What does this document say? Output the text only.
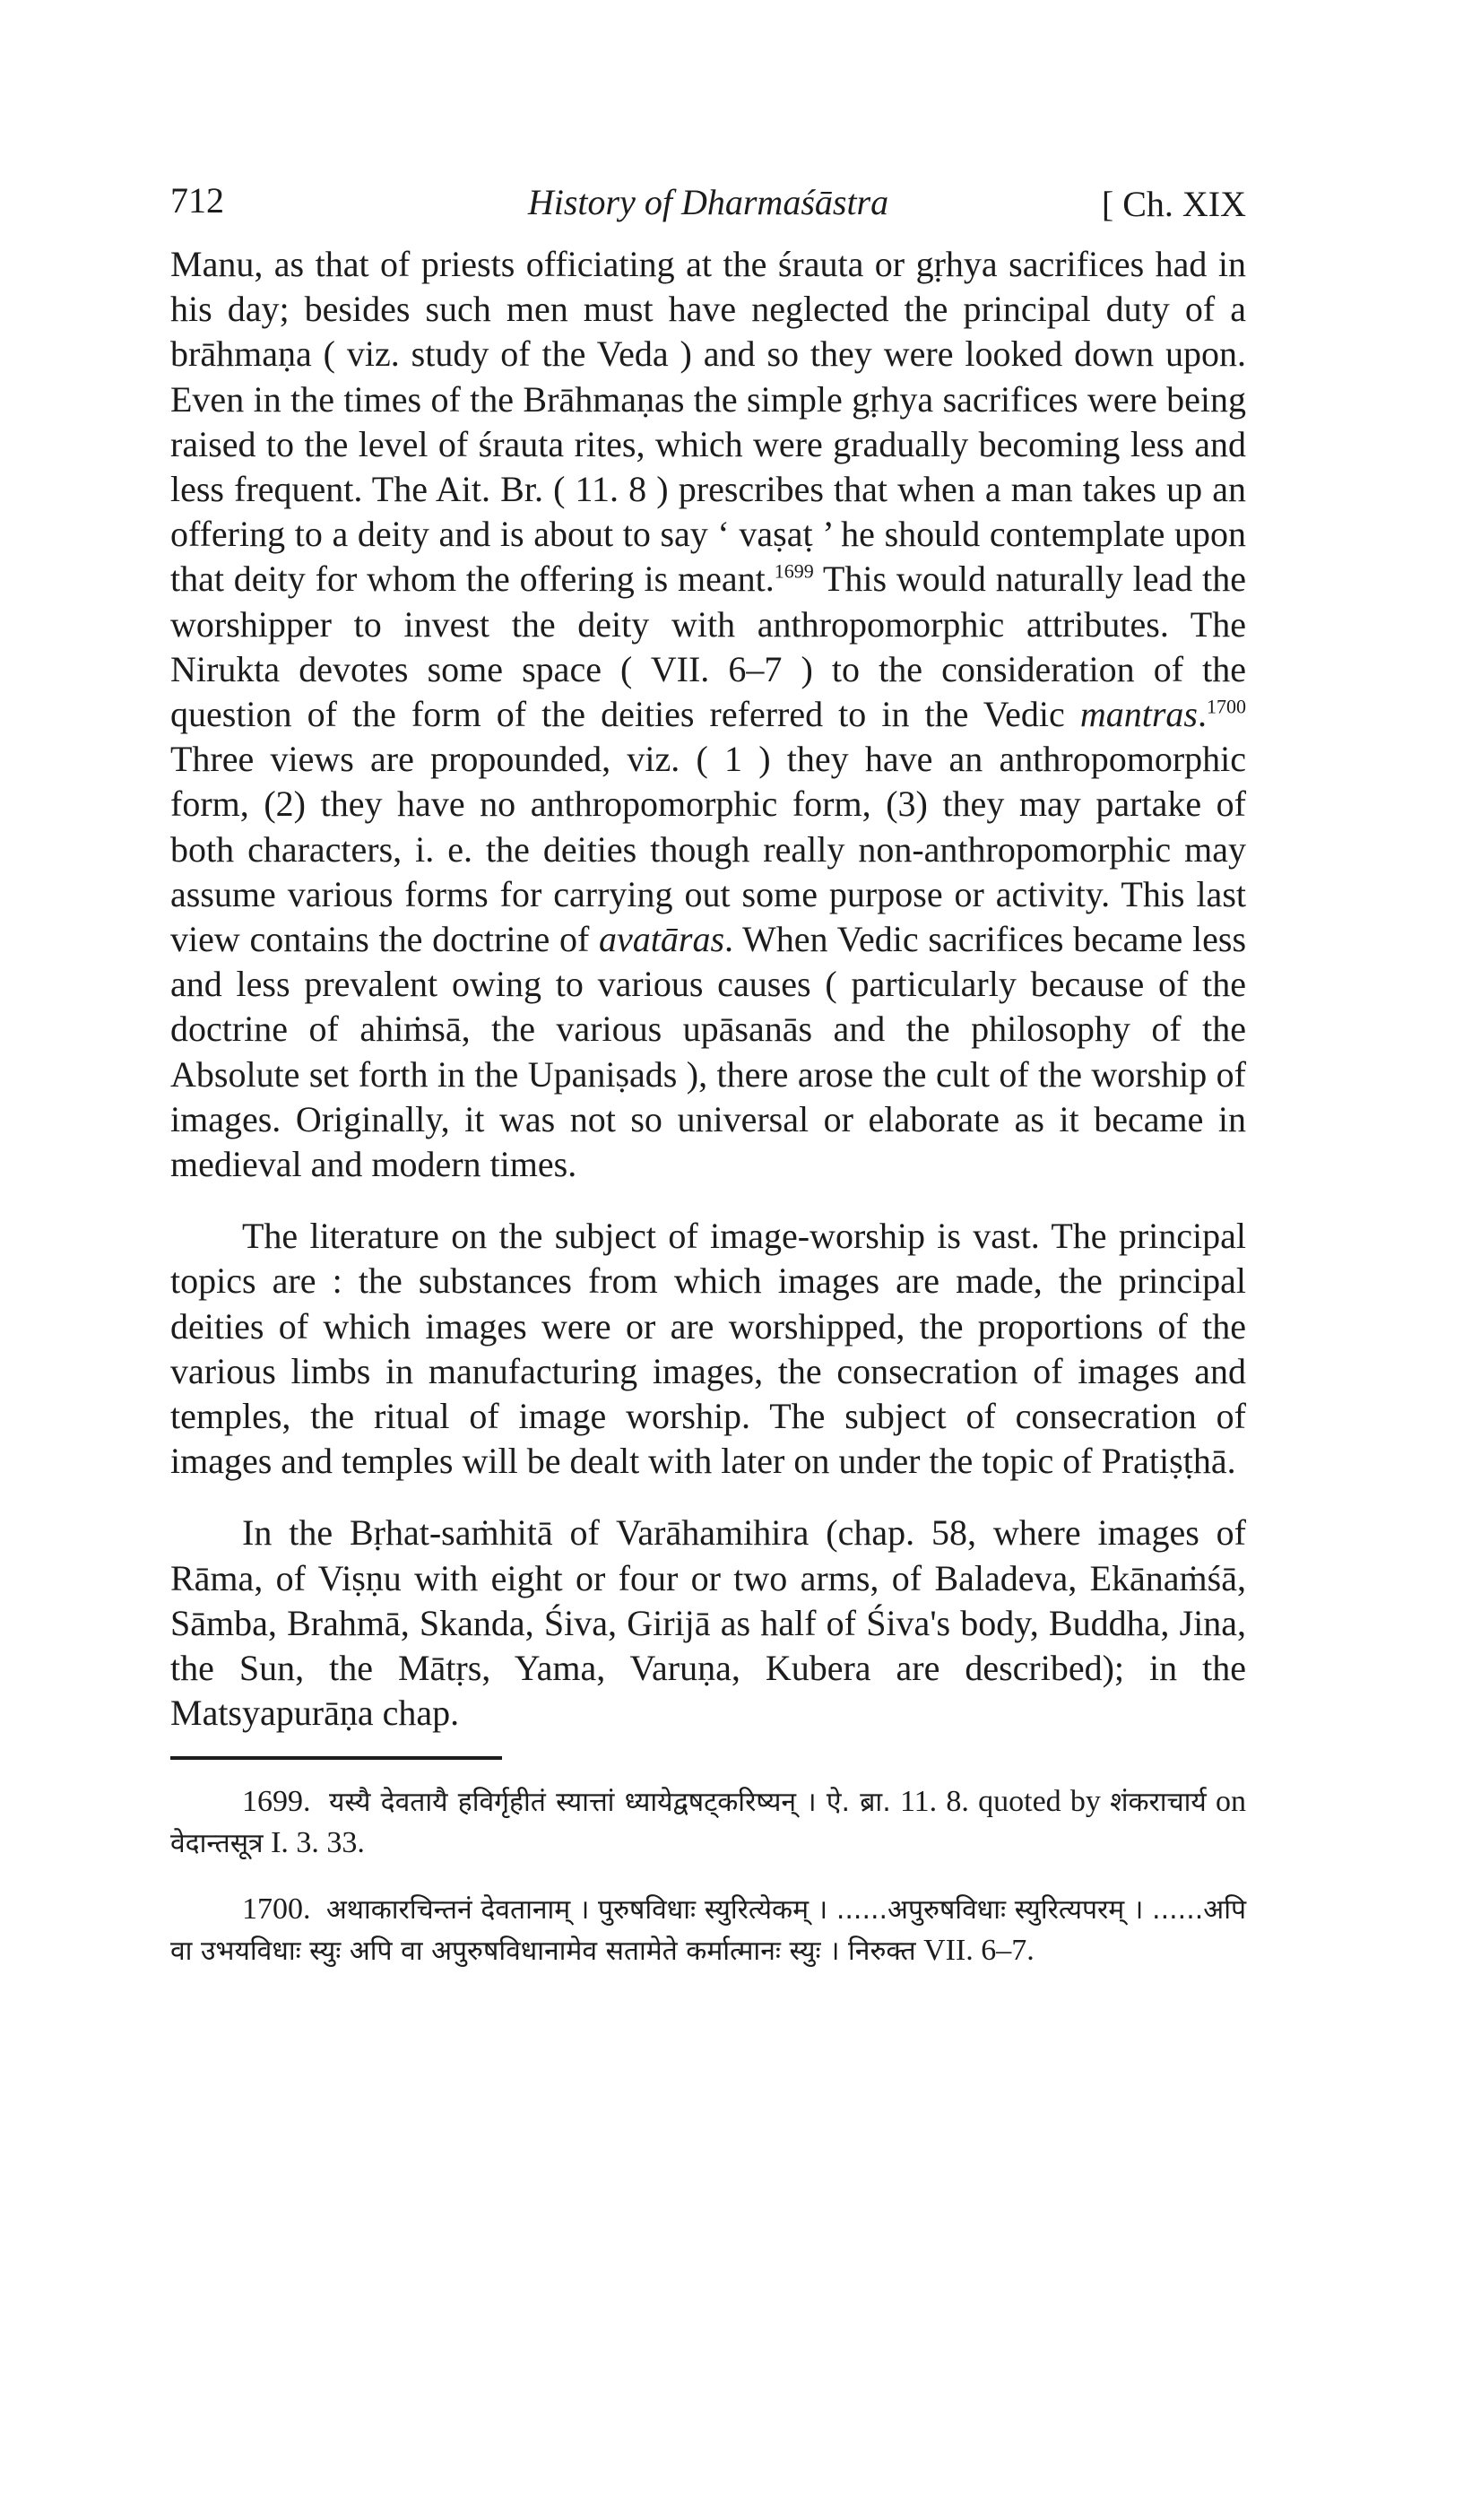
712	History of Dharmaśāstra	[ Ch. XIX

Manu, as that of priests officiating at the śrauta or gṛhya sacrifices had in his day; besides such men must have neglected the principal duty of a brāhmaṇa ( viz. study of the Veda ) and so they were looked down upon. Even in the times of the Brāhmaṇas the simple gṛhya sacrifices were being raised to the level of śrauta rites, which were gradually becoming less and less frequent. The Ait. Br. ( 11. 8 ) prescribes that when a man takes up an offering to a deity and is about to say ‘ vaṣaṭ ’ he should contemplate upon that deity for whom the offering is meant.$^{1699}$ This would naturally lead the worshipper to invest the deity with anthropomorphic attributes. The Nirukta devotes some space ( VII. 6–7 ) to the consideration of the question of the form of the deities referred to in the Vedic mantras.$^{1700}$ Three views are propounded, viz. ( 1 ) they have an anthropomorphic form, (2) they have no anthropomorphic form, (3) they may partake of both characters, i. e. the deities though really non-anthropomorphic may assume various forms for carrying out some purpose or activity. This last view contains the doctrine of avatāras. When Vedic sacrifices became less and less prevalent owing to various causes ( particularly because of the doctrine of ahiṁsā, the various upāsanās and the philosophy of the Absolute set forth in the Upaniṣads ), there arose the cult of the worship of images. Originally, it was not so universal or elaborate as it became in medieval and modern times.

The literature on the subject of image-worship is vast. The principal topics are : the substances from which images are made, the principal deities of which images were or are worshipped, the proportions of the various limbs in manufacturing images, the consecration of images and temples, the ritual of image worship. The subject of consecration of images and temples will be dealt with later on under the topic of Pratiṣṭhā.

In the Bṛhat-saṁhitā of Varāhamihira (chap. 58, where images of Rāma, of Viṣṇu with eight or four or two arms, of Baladeva, Ekānaṁśā, Sāmba, Brahmā, Skanda, Śiva, Girijā as half of Śiva's body, Buddha, Jina, the Sun, the Mātṛs, Yama, Varuṇa, Kubera are described); in the Matsyapurāṇa chap.

1699. यस्यै देवतायै हविर्गृहीतं स्यात्तां ध्यायेद्वषट्करिष्यन् । ऐ. ब्रा. 11. 8. quoted by शंकराचार्य on वेदान्तसूत्र I. 3. 33.

1700. अथाकारचिन्तनं देवतानाम् । पुरुषविधाः स्युरित्येकम् । ......अपुरुषविधाः स्युरित्यपरम् । ......अपि वा उभयविधाः स्युः अपि वा अपुरुषविधानामेव सतामेते कर्मात्मानः स्युः । निरुक्त VII. 6–7.
